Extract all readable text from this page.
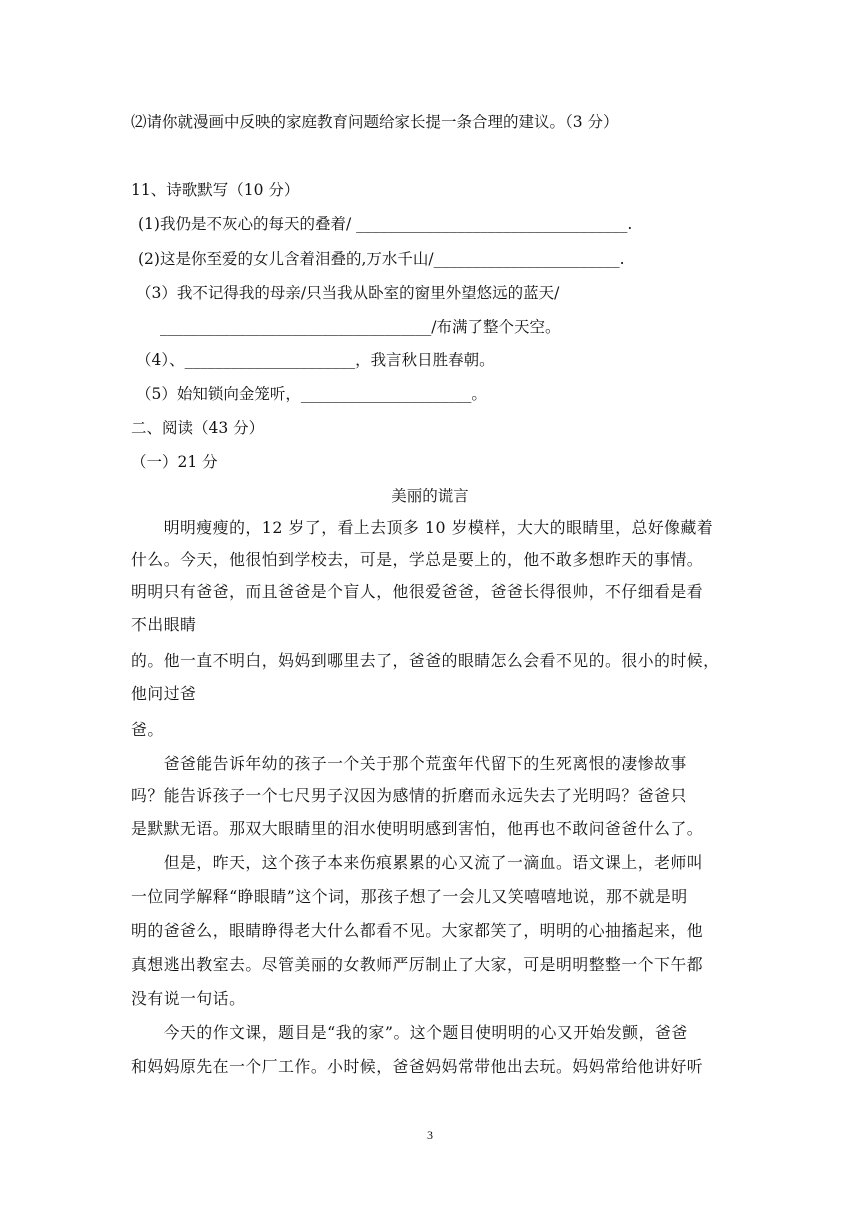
⑵请你就漫画中反映的家庭教育问题给家长提一条合理的建议。（3 分）
11、诗歌默写（10 分）
(1)我仍是不灰心的每天的叠着/ ___________________________________.
(2)这是你至爱的女儿含着泪叠的,万水千山/________________________.
（3）我不记得我的母亲/只当我从卧室的窗里外望悠远的蓝天/
___________________________________/布满了整个天空。
（4）、______________________，我言秋日胜春朝。
（5）始知锁向金笼听，______________________。
二、阅读（43 分）
（一）21 分
美丽的谎言
　　明明瘦瘦的，12 岁了，看上去顶多 10 岁模样，大大的眼睛里，总好像藏着
什么。今天，他很怕到学校去，可是，学总是要上的，他不敢多想昨天的事情。
明明只有爸爸，而且爸爸是个盲人，他很爱爸爸，爸爸长得很帅，不仔细看是看
不出眼睛
的。他一直不明白，妈妈到哪里去了，爸爸的眼睛怎么会看不见的。很小的时候，
他问过爸
爸。
　　爸爸能告诉年幼的孩子一个关于那个荒蛮年代留下的生死离恨的凄惨故事
吗？能告诉孩子一个七尺男子汉因为感情的折磨而永远失去了光明吗？爸爸只
是默默无语。那双大眼睛里的泪水使明明感到害怕，他再也不敢问爸爸什么了。
　　但是，昨天，这个孩子本来伤痕累累的心又流了一滴血。语文课上，老师叫
一位同学解释“睁眼睛”这个词，那孩子想了一会儿又笑嘻嘻地说，那不就是明
明的爸爸么，眼睛睁得老大什么都看不见。大家都笑了，明明的心抽搐起来，他
真想逃出教室去。尽管美丽的女教师严厉制止了大家，可是明明整整一个下午都
没有说一句话。
　　今天的作文课，题目是“我的家”。这个题目使明明的心又开始发颤，爸爸
和妈妈原先在一个厂工作。小时候，爸爸妈妈常带他出去玩。妈妈常给他讲好听
3
